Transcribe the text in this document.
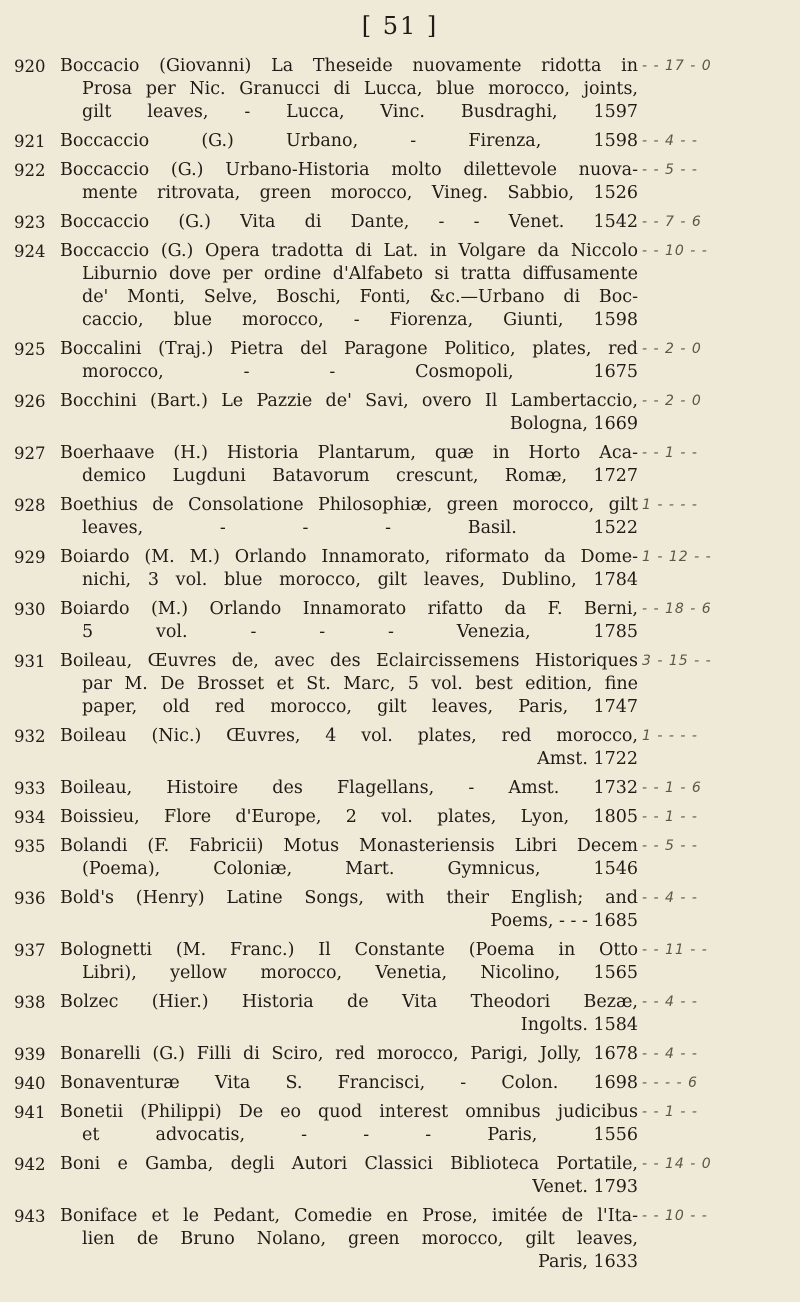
[ 51 ]
920 Boccacio (Giovanni) La Theseide nuovamente ridotta in
Prosa per Nic. Granucci di Lucca, blue morocco, joints,
gilt leaves, - Lucca, Vinc. Busdraghi, 1597
- - 17 - 0
921 Boccaccio (G.) Urbano, - Firenza, 1598 - - 4 - -
922 Boccaccio (G.) Urbano-Historia molto dilettevole nuova-
mente ritrovata, green morocco, Vineg. Sabbio, 1526
- - 5 - -
923 Boccaccio (G.) Vita di Dante, - - Venet. 1542 - - 7 - 6
924 Boccaccio (G.) Opera tradotta di Lat. in Volgare da Niccolo
Liburnio dove per ordine d'Alfabeto si tratta diffusamente
de' Monti, Selve, Boschi, Fonti, &c.—Urbano di Boc-
caccio, blue morocco, - Fiorenza, Giunti, 1598
- - 10 - -
925 Boccalini (Traj.) Pietra del Paragone Politico, plates, red
morocco, - - Cosmopoli, 1675
- - 2 - 0
926 Bocchini (Bart.) Le Pazzie de' Savi, overo Il Lambertaccio,
Bologna, 1669
- - 2 - 0
927 Boerhaave (H.) Historia Plantarum, quæ in Horto Aca-
demico Lugduni Batavorum crescunt, Romæ, 1727
- - 1 - -
928 Boethius de Consolatione Philosophiæ, green morocco, gilt
leaves, - - - Basil. 1522
1 - - - -
929 Boiardo (M. M.) Orlando Innamorato, riformato da Dome-
nichi, 3 vol. blue morocco, gilt leaves, Dublino, 1784
1 - 12 - -
930 Boiardo (M.) Orlando Innamorato rifatto da F. Berni,
5 vol. - - - Venezia, 1785
- - 18 - 6
931 Boileau, Œuvres de, avec des Eclaircissemens Historiques
par M. De Brosset et St. Marc, 5 vol. best edition, fine
paper, old red morocco, gilt leaves, Paris, 1747
3 - 15 - -
932 Boileau (Nic.) Œuvres, 4 vol. plates, red morocco,
Amst. 1722
1 - - - -
933 Boileau, Histoire des Flagellans, - Amst. 1732 - - 1 - 6
934 Boissieu, Flore d'Europe, 2 vol. plates, Lyon, 1805 - - 1 - -
935 Bolandi (F. Fabricii) Motus Monasteriensis Libri Decem
(Poema), Coloniæ, Mart. Gymnicus, 1546
- - 5 - -
936 Bold's (Henry) Latine Songs, with their English; and
Poems, - - - 1685
- - 4 - -
937 Bolognetti (M. Franc.) Il Constante (Poema in Otto
Libri), yellow morocco, Venetia, Nicolino, 1565
- - 11 - -
938 Bolzec (Hier.) Historia de Vita Theodori Bezæ,
Ingolts. 1584
- - 4 - -
939 Bonarelli (G.) Filli di Sciro, red morocco, Parigi, Jolly, 1678 - - 4 - -
940 Bonaventuræ Vita S. Francisci, - Colon. 1698 - - - - 6
941 Bonetii (Philippi) De eo quod interest omnibus judicibus
et advocatis, - - - Paris, 1556
- - 1 - -
942 Boni e Gamba, degli Autori Classici Biblioteca Portatile,
Venet. 1793
- - 14 - 0
943 Boniface et le Pedant, Comedie en Prose, imitée de l'Ita-
lien de Bruno Nolano, green morocco, gilt leaves,
Paris, 1633
- - 10 - -
